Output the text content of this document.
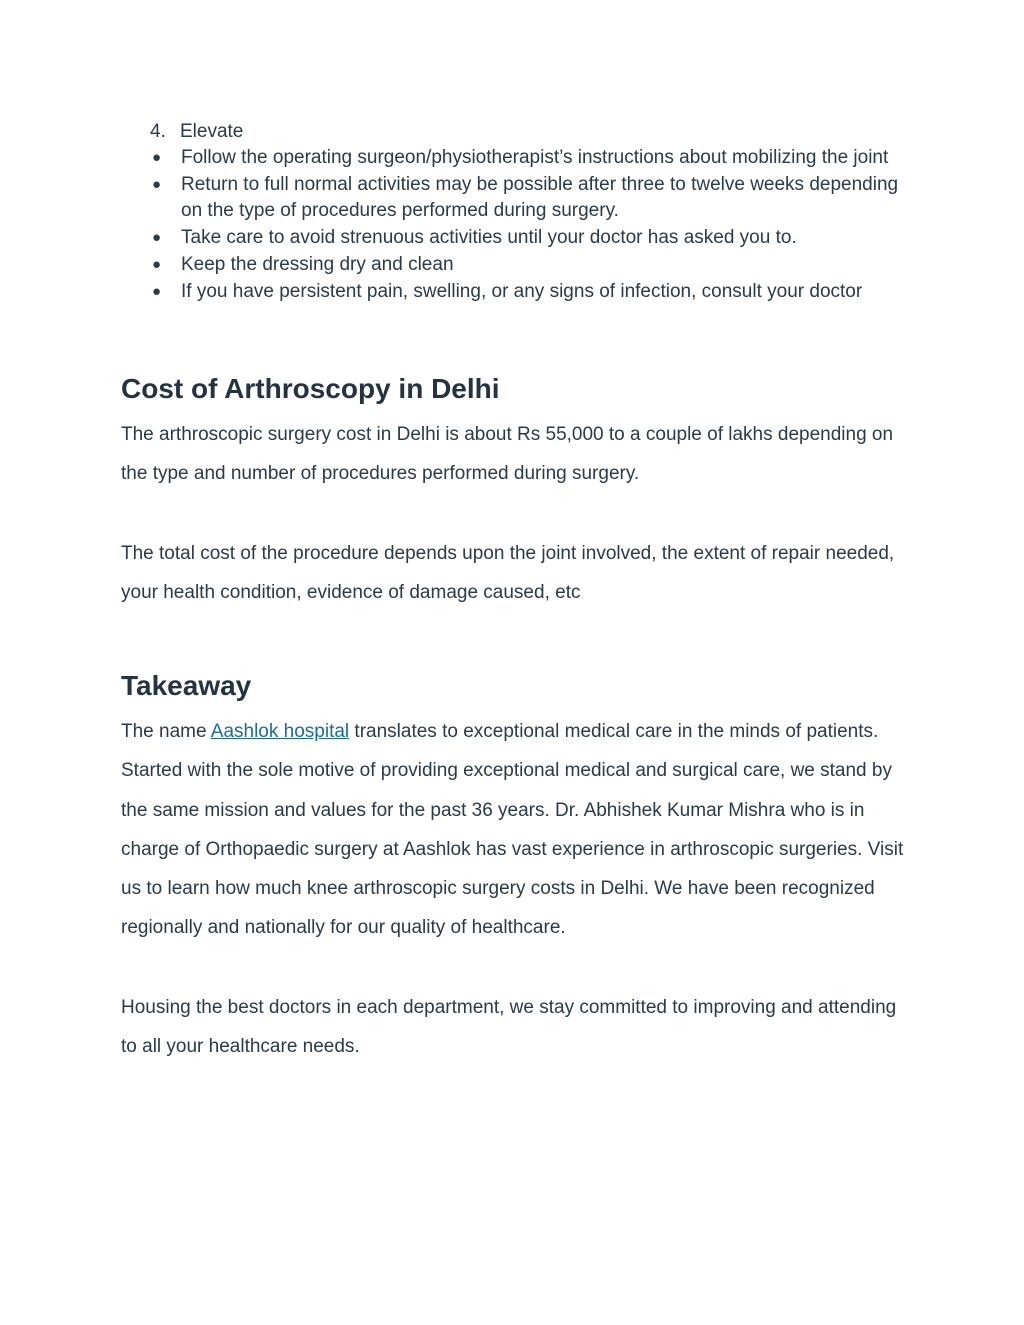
4. Elevate
● Follow the operating surgeon/physiotherapist’s instructions about mobilizing the joint
● Return to full normal activities may be possible after three to twelve weeks depending on the type of procedures performed during surgery.
● Take care to avoid strenuous activities until your doctor has asked you to.
● Keep the dressing dry and clean
● If you have persistent pain, swelling, or any signs of infection, consult your doctor
Cost of Arthroscopy in Delhi

The arthroscopic surgery cost in Delhi is about Rs 55,000 to a couple of lakhs depending on the type and number of procedures performed during surgery.

The total cost of the procedure depends upon the joint involved, the extent of repair needed, your health condition, evidence of damage caused, etc

Takeaway

The name Aashlok hospital translates to exceptional medical care in the minds of patients. Started with the sole motive of providing exceptional medical and surgical care, we stand by the same mission and values for the past 36 years. Dr. Abhishek Kumar Mishra who is in charge of Orthopaedic surgery at Aashlok has vast experience in arthroscopic surgeries. Visit us to learn how much knee arthroscopic surgery costs in Delhi. We have been recognized regionally and nationally for our quality of healthcare.

Housing the best doctors in each department, we stay committed to improving and attending to all your healthcare needs.
